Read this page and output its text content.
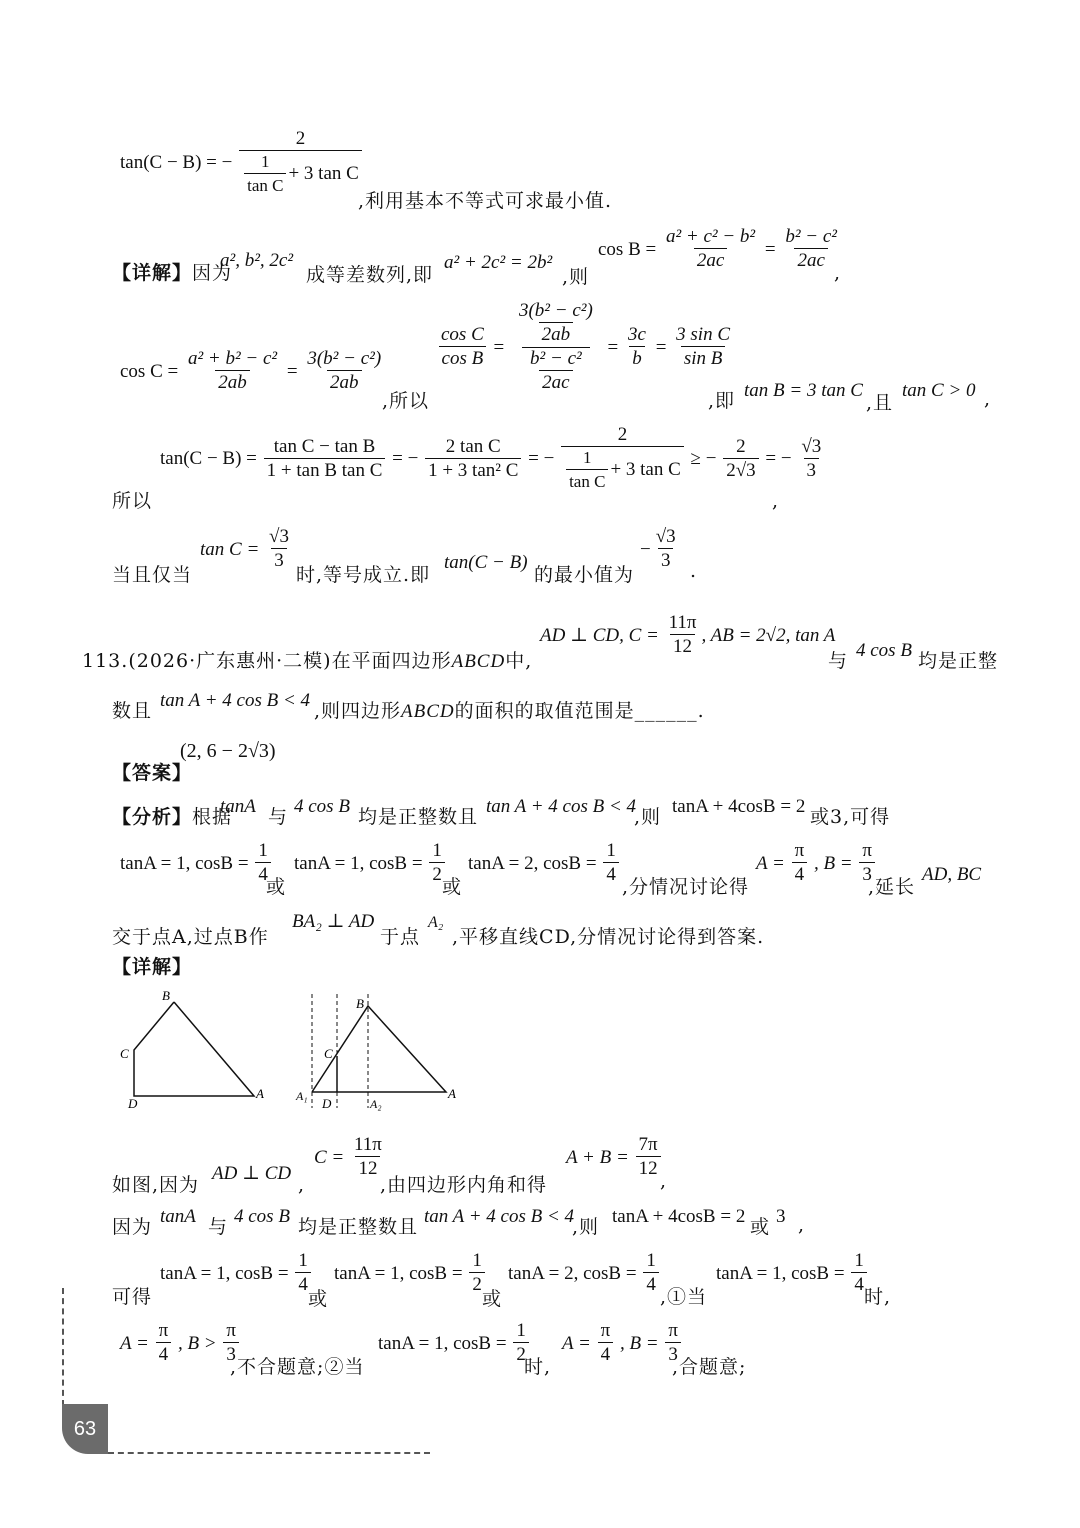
tan(C − B) = − $\frac{2}{\frac{1}{\text{tan C}} + 3 \tan C}$
,利用基本不等式可求最小值.
【详解】因为
a², b², 2c²
成等差数列,即
a² + 2c² = 2b²
,则
$\cos B = \frac{\text{a² + c² − b²}}{2ac} = \frac{\text{b² − c²}}{2ac}$
,
$\cos C = \frac{\text{a² + b² − c²}}{2ab} = \frac{\text{3(b² − c²)}}{2ab}$
,所以
$\frac{\text{cos C}}{\text{cos B}} = \frac{\frac{\text{3(b² − c²)}}{2ab}}{\frac{\text{b² − c²}}{2ac}} = \frac{3c}{b} = \frac{\text{3 sin C}}{\text{sin B}}$
,即 tan B = 3 tan C
,且
tan C > 0 ,
$\tan(C - B) = \frac{\text{tan C − tan B}}{\text{1 + tan B tan C}}$ = − $\frac{\text{2 tan C}}{\text{1 + 3 tan² C}}$ = − $\frac{2}{\frac{1}{\text{tan C}} + 3 \tan C}$ ≥ − $\frac{2}{2√3}$ = − $\frac{√3}{3}$
所以	,
当且仅当
$\tan C = \frac{√3}{3}$
时,等号成立.即
tan(C − B)
的最小值为
− $\frac{√3}{3}$ .
113.(2026·广东惠州·二模)在平面四边形ABCD中,
AD ⊥ CD, $C = \frac{11\pi}{12}$ , AB = 2√2, tan A
与 4 cos B 均是正整
数且 tan A + 4 cos B < 4 ,则四边形ABCD的面积的取值范围是______.
【答案】
(2, 6 − 2√3)
【分析】根据
tanA 与 4 cos B 均是正整数且 tan A + 4 cos B < 4
,则 tanA + 4cosB = 2 或3,可得
tanA = 1, $\cos B = \frac{1}{4}$
或
tanA = 1, $\cos B = \frac{1}{2}$
或
tanA = 2, $\cos B = \frac{1}{4}$ ,分情况讨论得
$A = \frac{\pi}{4}$ , $B = \frac{\pi}{3}$
,延长
AD, BC
交于点A,过点B作
BA₂ ⊥ AD
于点
A₂
,平移直线CD,分情况讨论得到答案.
【详解】
B
C
D
A
B
C
A₁ D	A₂
A
如图,因为
AD ⊥ CD
,
$C = \frac{11\pi}{12}$
,由四边形内角和得
$A + B = \frac{7\pi}{12}$ ,
因为 tanA 与 4 cos B 均是正整数且 tan A + 4 cos B < 4
,则 tanA + 4cosB = 2 或 3 ,
可得
tanA = 1, $\cos B = \frac{1}{4}$
或
tanA = 1, $\cos B = \frac{1}{2}$
或
tanA = 2, $\cos B = \frac{1}{4}$ ,①当
tanA = 1, $\cos B = \frac{1}{4}$
时,
$A = \frac{\pi}{4}$ , $B > \frac{\pi}{3}$
,不合题意;②当
tanA = 1, $\cos B = \frac{1}{2}$
时,
$A = \frac{\pi}{4}$ , $B = \frac{\pi}{3}$
,合题意;
63
